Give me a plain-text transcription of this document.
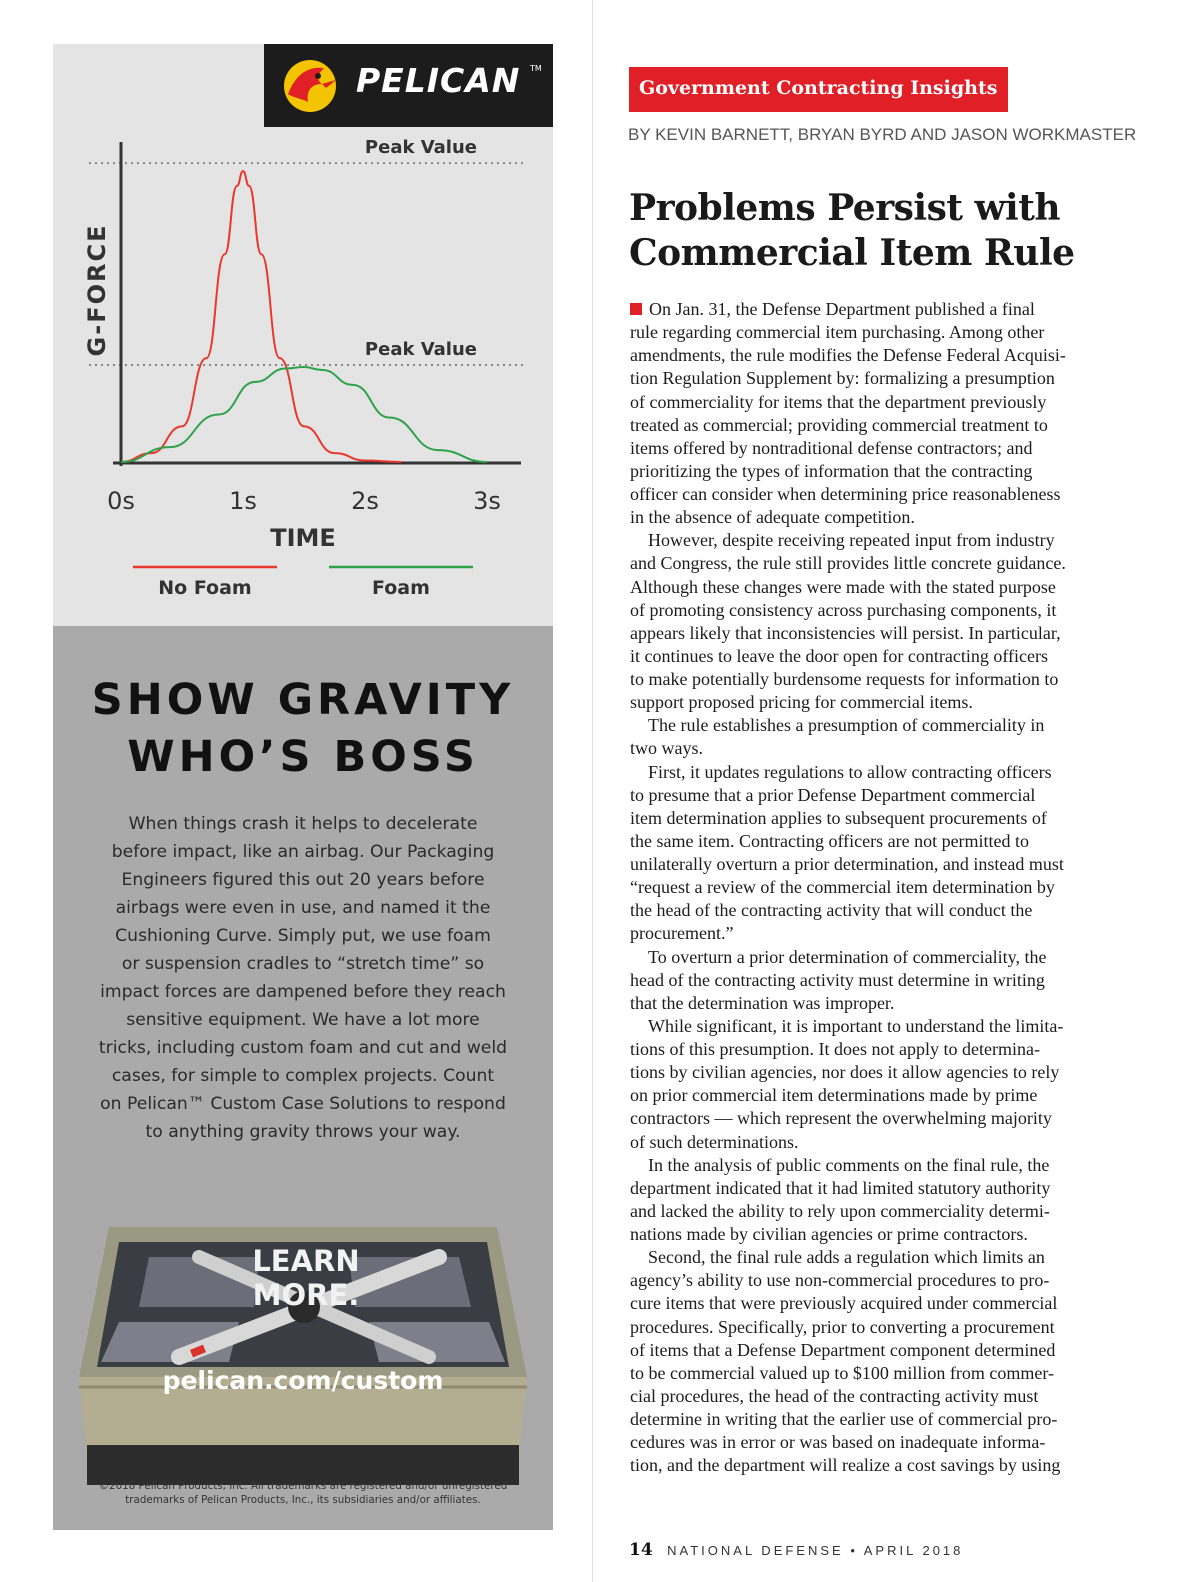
PELICAN TM
Peak Value
Peak Value
0s	1s	2s	3s
G-FORCE
TIME
No Foam	Foam
SHOW GRAVITY
WHO’S BOSS
When things crash it helps to decelerate
before impact, like an airbag. Our Packaging
Engineers figured this out 20 years before
airbags were even in use, and named it the
Cushioning Curve. Simply put, we use foam
or suspension cradles to “stretch time” so
impact forces are dampened before they reach
sensitive equipment. We have a lot more
tricks, including custom foam and cut and weld
cases, for simple to complex projects. Count
on Pelican™ Custom Case Solutions to respond
to anything gravity throws your way.
LEARN
MORE.
pelican.com/custom
©2018 Pelican Products, Inc. All trademarks are registered and/or unregistered
trademarks of Pelican Products, Inc., its subsidiaries and/or affiliates.
Government Contracting Insights
BY KEVIN BARNETT, BRYAN BYRD AND JASON WORKMASTER
Problems Persist with
Commercial Item Rule

On Jan. 31, the Defense Department published a final

rule regarding commercial item purchasing. Among other

amendments, the rule modifies the Defense Federal Acquisi-

tion Regulation Supplement by: formalizing a presumption

of commerciality for items that the department previously

treated as commercial; providing commercial treatment to

items offered by nontraditional defense contractors; and

prioritizing the types of information that the contracting

officer can consider when determining price reasonableness

in the absence of adequate competition.

 However, despite receiving repeated input from industry

and Congress, the rule still provides little concrete guidance.

Although these changes were made with the stated purpose

of promoting consistency across purchasing components, it

appears likely that inconsistencies will persist. In particular,

it continues to leave the door open for contracting officers

to make potentially burdensome requests for information to

support proposed pricing for commercial items.

 The rule establishes a presumption of commerciality in

two ways.

 First, it updates regulations to allow contracting officers

to presume that a prior Defense Department commercial

item determination applies to subsequent procurements of

the same item. Contracting officers are not permitted to

unilaterally overturn a prior determination, and instead must

“request a review of the commercial item determination by

the head of the contracting activity that will conduct the

procurement.”

 To overturn a prior determination of commerciality, the

head of the contracting activity must determine in writing

that the determination was improper.

 While significant, it is important to understand the limita-

tions of this presumption. It does not apply to determina-

tions by civilian agencies, nor does it allow agencies to rely

on prior commercial item determinations made by prime

contractors — which represent the overwhelming majority

of such determinations.

 In the analysis of public comments on the final rule, the

department indicated that it had limited statutory authority

and lacked the ability to rely upon commerciality determi-

nations made by civilian agencies or prime contractors.

 Second, the final rule adds a regulation which limits an

agency’s ability to use non-commercial procedures to pro-

cure items that were previously acquired under commercial

procedures. Specifically, prior to converting a procurement

of items that a Defense Department component determined

to be commercial valued up to $100 million from commer-

cial procedures, the head of the contracting activity must

determine in writing that the earlier use of commercial pro-

cedures was in error or was based on inadequate informa-

tion, and the department will realize a cost savings by using

14 NATIONAL DEFENSE • APRIL 2018
